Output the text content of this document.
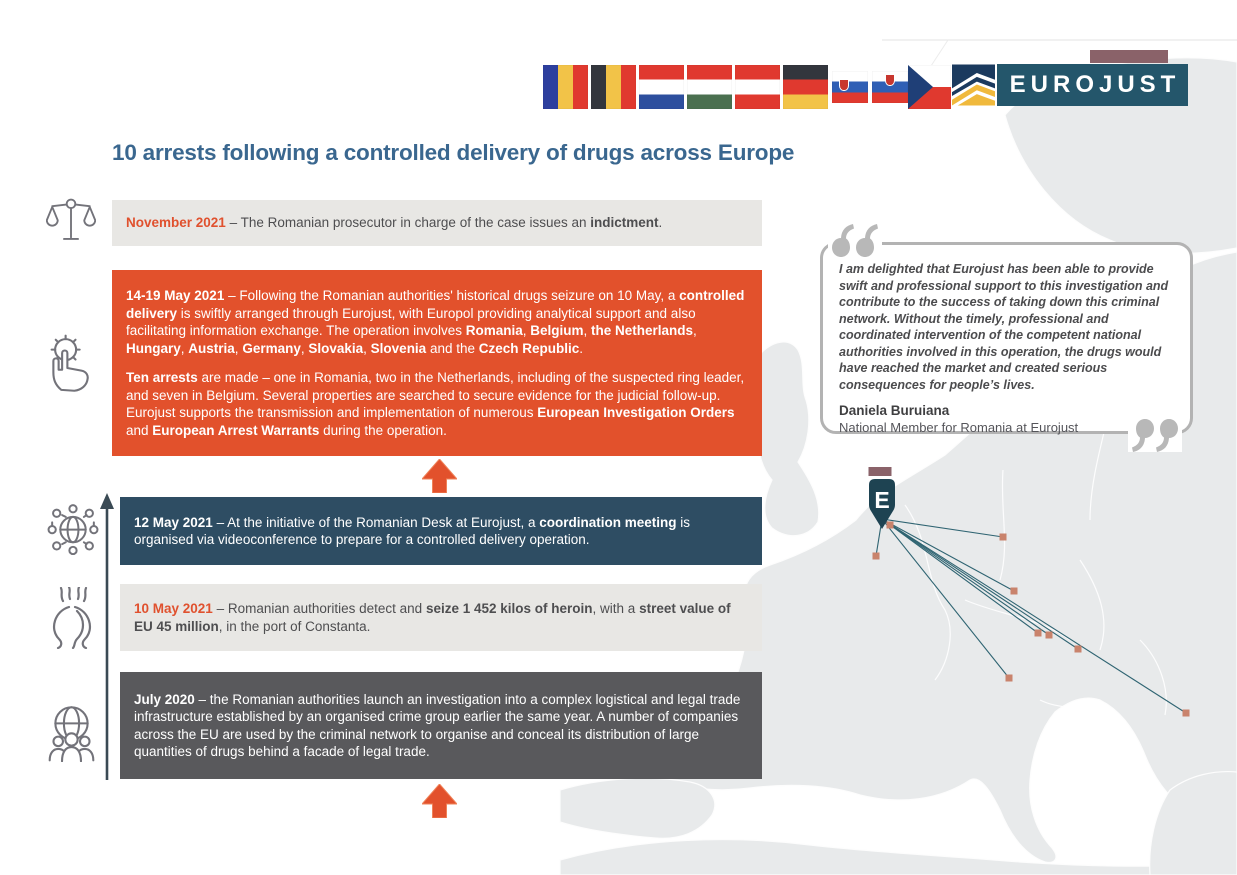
E
EUROJUST
10 arrests following a controlled delivery of drugs across Europe

November 2021 – The Romanian prosecutor in charge of the case issues an indictment.

14-19 May 2021 – Following the Romanian authorities' historical drugs seizure on 10 May, a controlled delivery is swiftly arranged through Eurojust, with Europol providing analytical support and also facilitating information exchange. The operation involves Romania, Belgium, the Netherlands, Hungary, Austria, Germany, Slovakia, Slovenia and the Czech Republic.

Ten arrests are made – one in Romania, two in the Netherlands, including of the suspected ring leader, and seven in Belgium. Several properties are searched to secure evidence for the judicial follow-up. Eurojust supports the transmission and implementation of numerous European Investigation Orders and European Arrest Warrants during the operation.

12 May 2021 – At the initiative of the Romanian Desk at Eurojust, a coordination meeting is organised via videoconference to prepare for a controlled delivery operation.

10 May 2021 – Romanian authorities detect and seize 1 452 kilos of heroin, with a street value of EU 45 million, in the port of Constanta.

July 2020 – the Romanian authorities launch an investigation into a complex logistical and legal trade infrastructure established by an organised crime group earlier the same year. A number of companies across the EU are used by the criminal network to organise and conceal its distribution of large quantities of drugs behind a facade of legal trade.

I am delighted that Eurojust has been able to provide swift and professional support to this investigation and contribute to the success of taking down this criminal network. Without the timely, professional and coordinated intervention of the competent national authorities involved in this operation, the drugs would have reached the market and created serious consequences for people’s lives.

Daniela Buruiana

National Member for Romania at Eurojust
